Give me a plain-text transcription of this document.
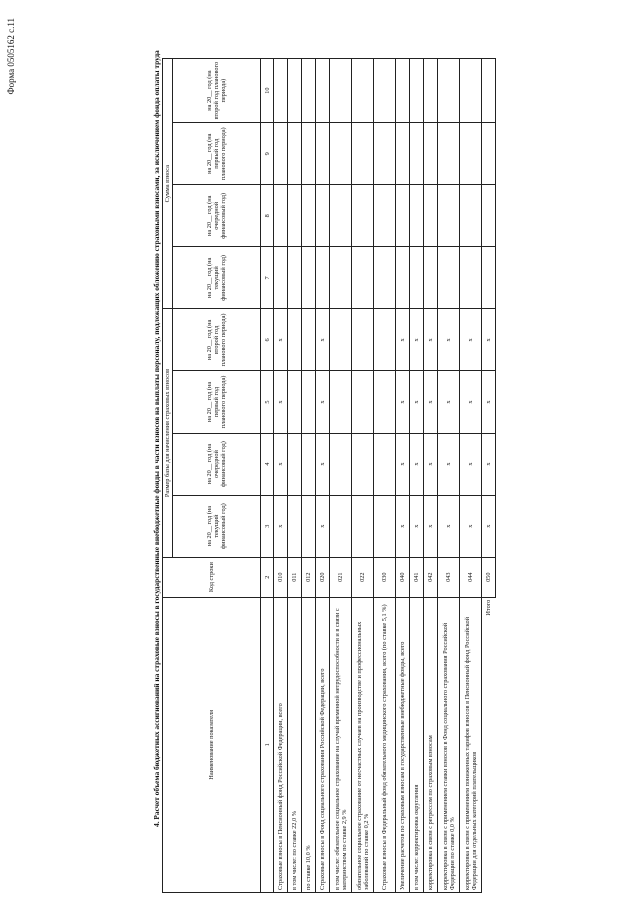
Форма 0505162 с.11	4. Расчет объема бюджетных ассигнований на страховые взносы в государственные внебюджетные фонды в части взносов на выплаты персоналу, подлежащих обложению страховыми взносами, за исключением фонда оплаты труда	Наименование показателя	Код строки	Размер базы для начисления страховых взносов				Сумма взноса			
		на 20__ год (на текущий финансовый год)	на 20__ год (на очередной финансовый год)	на 20__ год (на первый год планового периода)	на 20__ год (на второй год планового периода)	на 20__ год (на текущий финансовый год)	на 20__ год (на очередной финансовый год)	на 20__ год (на первый год планового периода)	на 20__ год (на второй год планового периода)
1	2	3	4	5	6	7	8	9	10
Страховые взносы в Пенсионный фонд Российской Федерации, всего	010	x	x	x	x				
в том числе: по ставке 22,0 %	011								
по ставке 10,0 %	012								
Страховые взносы в Фонд социального страхования Российской Федерации, всего	020	x	x	x	x				
в том числе: обязательное социальное страхование на случай временной нетрудоспособности и в связи с материнством по ставке 2,9 %	021								
обязательное социальное страхование от несчастных случаев на производстве и профессиональных заболеваний по ставке 0,2 %	022								
Страховые взносы в Федеральный фонд обязательного медицинского страхования, всего (по ставке 5,1 %)	030								
Увеличение расчетов по страховым взносам в государственные внебюджетные фонды, всего	040	x	x	x	x				
в том числе: корректировка округления	041	x	x	x	x				
корректировка в связи с регрессом по страховым взносам	042	x	x	x	x				
корректировка в связи с применением ставки взносов в Фонд социального страхования Российской Федерации по ставке 0,0 %	043	x	x	x	x				
корректировка в связи с применением пониженных тарифов взносов в Пенсионный фонд Российской Федерации для отдельных категорий плательщиков	044	x	x	x	x				
Итого	050	x	x	x	x				
